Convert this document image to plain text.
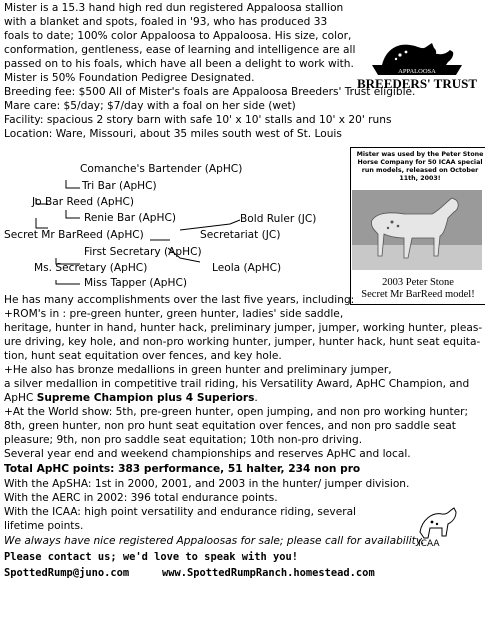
Mister is a 15.3 hand high red dun registered Appaloosa stallion
with a blanket and spots, foaled in '93, who has produced 33
foals to date; 100% color Appaloosa to Appaloosa. His size, color,
conformation, gentleness, ease of learning and intelligence are all
passed on to his foals, which have all been a delight to work with.
Mister is 50% Foundation Pedigree Designated.
Breeding fee: $500 All of Mister's foals are Appaloosa Breeders' Trust eligible.
Mare care: $5/day; $7/day with a foal on her side (wet)
Facility: spacious 2 story barn with safe 10' x 10' stalls and 10' x 20' runs
Location: Ware, Missouri, about 35 miles south west of St. Louis
APPALOOSA
BREEDERS' TRUST
Mister was used by the Peter Stone Horse Company for 50 ICAA special run models, released on October 11th, 2003!
2003 Peter Stone
Secret Mr BarReed model!
Comanche's Bartender (ApHC)
Tri Bar (ApHC)
Jo Bar Reed (ApHC)
Renie Bar (ApHC)	Bold Ruler (JC)
Secret Mr BarReed (ApHC)	Secretariat (JC)
First Secretary (ApHC)
Ms. Secretary (ApHC)	Leola (ApHC)
Miss Tapper (ApHC)
He has many accomplishments over the last five years, including:
+ROM's in : pre-green hunter, green hunter, ladies' side saddle,
heritage, hunter in hand, hunter hack, preliminary jumper, jumper, working hunter, pleas-
ure driving, key hole, and non-pro working hunter, jumper, hunter hack, hunt seat equita-
tion, hunt seat equitation over fences, and key hole.
+He also has bronze medallions in green hunter and preliminary jumper,
a silver medallion in competitive trail riding, his Versatility Award, ApHC Champion, and
ApHC Supreme Champion plus 4 Superiors.
+At the World show: 5th, pre-green hunter, open jumping, and non pro working hunter;
8th, green hunter, non pro hunt seat equitation over fences, and non pro saddle seat
pleasure; 9th, non pro saddle seat equitation; 10th non-pro driving.
Several year end and weekend championships and reserves ApHC and local.
Total ApHC points: 383 performance, 51 halter, 234 non pro
With the ApSHA: 1st in 2000, 2001, and 2003 in the hunter/ jumper division.
With the AERC in 2002: 396 total endurance points.
With the ICAA: high point versatility and endurance riding, several
lifetime points.
ICAA
We always have nice registered Appaloosas for sale; please call for availability.
Please contact us; we'd love to speak with you!
SpottedRump@juno.com	www.SpottedRumpRanch.homestead.com
